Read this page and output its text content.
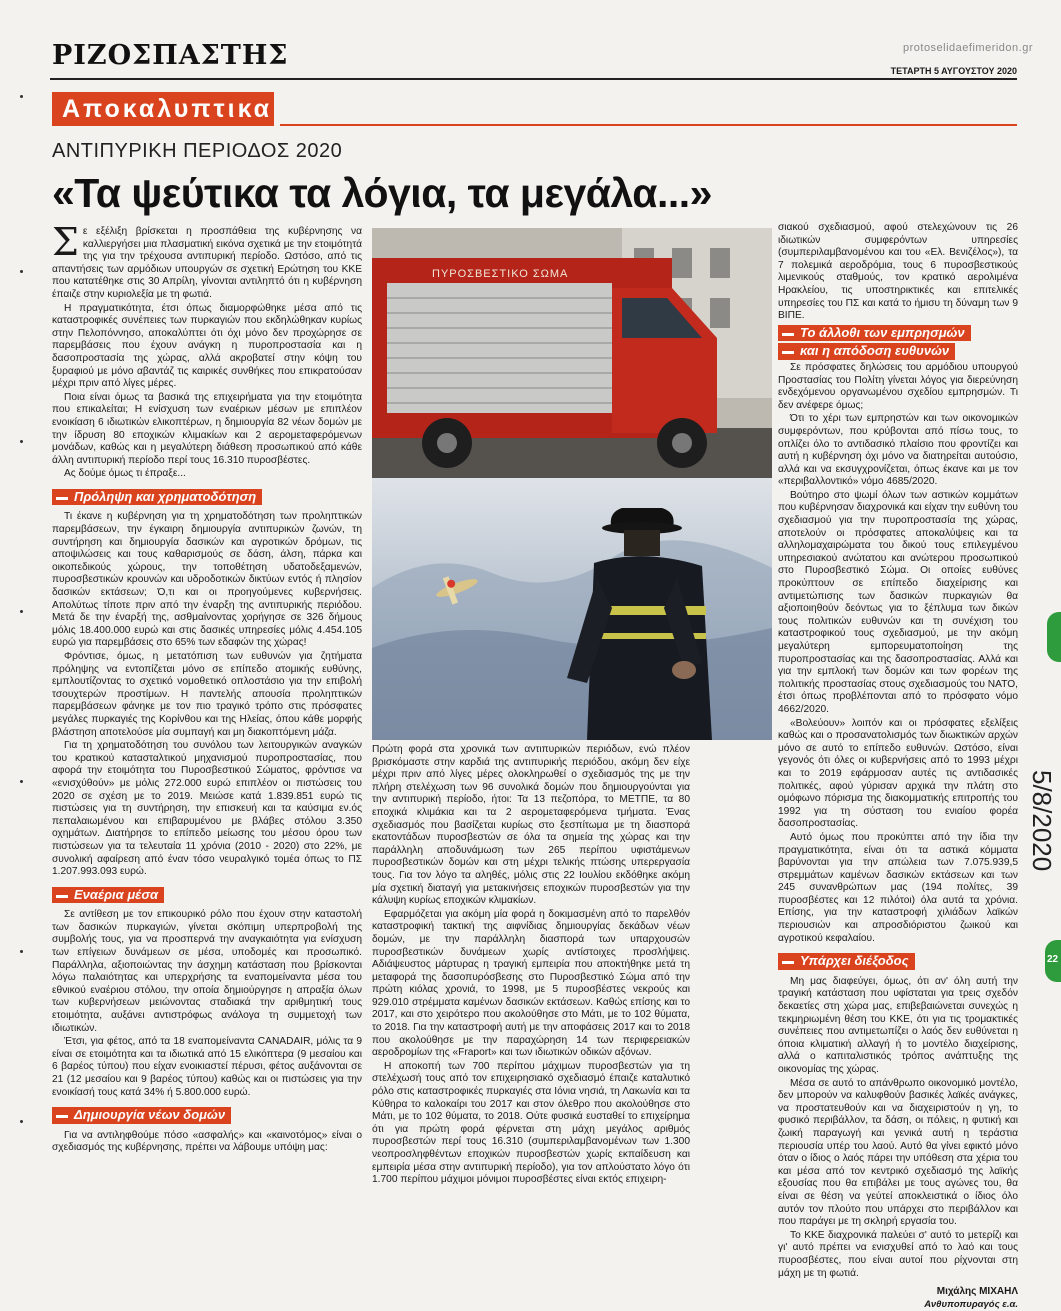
ΡΙΖΟΣΠΑΣΤΗΣ	protoselidaefimeridon.gr
ΤΕΤΑΡΤΗ 5 ΑΥΓΟΥΣΤΟΥ 2020
Αποκαλυπτικα
ΑΝΤΙΠΥΡΙΚΗ ΠΕΡΙΟΔΟΣ 2020
«Τα ψεύτικα τα λόγια, τα μεγάλα...»

Σε εξέλιξη βρίσκεται η προσπάθεια της κυβέρνησης να καλλιεργήσει μια πλασματική εικόνα σχετικά με την ετοιμότητά της για την τρέχουσα αντιπυρική περίοδο. Ωστόσο, από τις απαντήσεις των αρμόδιων υπουργών σε σχετική Ερώτηση του ΚΚΕ που κατατέθηκε στις 30 Απρίλη, γίνονται αντιληπτό ότι η κυβέρνηση έπαιζε στην κυριολεξία με τη φωτιά.

Η πραγματικότητα, έτσι όπως διαμορφώθηκε μέσα από τις καταστροφικές συνέπειες των πυρκαγιών που εκδηλώθηκαν κυρίως στην Πελοπόννησο, αποκαλύπτει ότι όχι μόνο δεν προχώρησε σε παρεμβάσεις που έχουν ανάγκη η πυροπροστασία και η δασοπροστασία της χώρας, αλλά ακροβατεί στην κόψη του ξυραφιού με μόνο αβαντάζ τις καιρικές συνθήκες που επικρατούσαν μέχρι πριν από λίγες μέρες.

Ποια είναι όμως τα βασικά της επιχειρήματα για την ετοιμότητα που επικαλείται; Η ενίσχυση των εναέριων μέσων με επιπλέον ενοικίαση 6 ιδιωτικών ελικοπτέρων, η δημιουργία 82 νέων δομών με την ίδρυση 80 εποχικών κλιμακίων και 2 αερομεταφερόμενων μονάδων, καθώς και η μεγαλύτερη διάθεση προσωπικού από κάθε άλλη αντιπυρική περίοδο περί τους 16.310 πυροσβέστες.

Ας δούμε όμως τι έπραξε...

Πρόληψη και χρηματοδότηση

Τι έκανε η κυβέρνηση για τη χρηματοδότηση των προληπτικών παρεμβάσεων, την έγκαιρη δημιουργία αντιπυρικών ζωνών, τη συντήρηση και δημιουργία δασικών και αγροτικών δρόμων, τις αποψιλώσεις και τους καθαρισμούς σε δάση, άλση, πάρκα και οικοπεδικούς χώρους, την τοποθέτηση υδατοδεξαμενών, πυροσβεστικών κρουνών και υδροδοτικών δικτύων εντός ή πλησίον δασικών εκτάσεων; Ό,τι και οι προηγούμενες κυβερνήσεις. Απολύτως τίποτε πριν από την έναρξη της αντιπυρικής περιόδου. Μετά δε την έναρξή της, ασθμαίνοντας χορήγησε σε 326 δήμους μόλις 18.400.000 ευρώ και στις δασικές υπηρεσίες μόλις 4.454.105 ευρώ για παρεμβάσεις στο 65% των εδαφών της χώρας!

Φρόντισε, όμως, η μετατόπιση των ευθυνών για ζητήματα πρόληψης να εντοπίζεται μόνο σε επίπεδο ατομικής ευθύνης, εμπλουτίζοντας το σχετικό νομοθετικό οπλοστάσιο για την επιβολή τσουχτερών προστίμων. Η παντελής απουσία προληπτικών παρεμβάσεων φάνηκε με τον πιο τραγικό τρόπο στις πρόσφατες μεγάλες πυρκαγιές της Κορίνθου και της Ηλείας, όπου κάθε μορφής βλάστηση αποτελούσε μία συμπαγή και μη διακοπτόμενη μάζα.

Για τη χρηματοδότηση του συνόλου των λειτουργικών αναγκών του κρατικού κατασταλτικού μηχανισμού πυροπροστασίας, που αφορά την ετοιμότητα του Πυροσβεστικού Σώματος, φρόντισε να «ενισχύθούν» με μόλις 272.000 ευρώ επιπλέον οι πιστώσεις του 2020 σε σχέση με το 2019. Μειώσε κατά 1.839.851 ευρώ τις πιστώσεις για τη συντήρηση, την επισκευή και τα καύσιμα εν.ός πεπαλαιωμένου και επιβαρυμένου με βλάβες στόλου 3.350 οχημάτων. Διατήρησε το επίπεδο μείωσης του μέσου όρου των πιστώσεων για τα τελευταία 11 χρόνια (2010 - 2020) στο 22%, με συνολική αφαίρεση από έναν τόσο νευραλγικό τομέα όπως το ΠΣ 1.207.993.093 ευρώ.

Εναέρια μέσα

Σε αντίθεση με τον επικουρικό ρόλο που έχουν στην καταστολή των δασικών πυρκαγιών, γίνεται σκόπιμη υπερπροβολή της συμβολής τους, για να προσπερνά την αναγκαιότητα για ενίσχυση των επίγειων δυνάμεων σε μέσα, υποδομές και προσωπικό. Παράλληλα, αξιοποιώντας την άσχημη κατάσταση που βρίσκονται λόγω παλαιότητας και υπερχρήσης τα εναπομείναντα μέσα του εθνικού εναέριου στόλου, την οποία δημιούργησε η απραξία όλων των κυβερνήσεων μειώνοντας σταδιακά την αριθμητική τους ετοιμότητα, αυξάνει αντιστρόφως ανάλογα τη συμμετοχή των ιδιωτικών.

Έτσι, για φέτος, από τα 18 εναπομείναντα CANADAIR, μόλις τα 9 είναι σε ετοιμότητα και τα ιδιωτικά από 15 ελικόπτερα (9 μεσαίου και 6 βαρέος τύπου) που είχαν ενοικιαστεί πέρυσι, φέτος αυξάνονται σε 21 (12 μεσαίου και 9 βαρέος τύπου) καθώς και οι πιστώσεις για την ενοικίασή τους κατά 34% ή 5.800.000 ευρώ.

Δημιουργία νέων δομών

Για να αντιληφθούμε πόσο «ασφαλής» και «καινοτόμος» είναι ο σχεδιασμός της κυβέρνησης, πρέπει να λάβουμε υπόψη μας:

ΠΥΡΟΣΒΕΣΤΙΚΟ ΣΩΜΑ

Πρώτη φορά στα χρονικά των αντιπυρικών περιόδων, ενώ πλέον βρισκόμαστε στην καρδιά της αντιπυρικής περιόδου, ακόμη δεν είχε μέχρι πριν από λίγες μέρες ολοκληρωθεί ο σχεδιασμός της με την πλήρη στελέχωση των 96 συνολικά δομών που δημιουργούνται για την αντιπυρική περίοδο, ήτοι: Τα 13 πεζοπόρα, το ΜΕΤΠΕ, τα 80 εποχικά κλιμάκια και τα 2 αερομεταφερόμενα τμήματα. Ένας σχεδιασμός που βασίζεται κυρίως στο ξεσπίτωμα με τη διασπορά εκατοντάδων πυροσβεστών σε όλα τα σημεία της χώρας και την παράλληλη αποδυνάμωση των 265 περίπου υφιστάμενων πυροσβεστικών δομών και στη μέχρι τελικής πτώσης υπερεργασία τους. Για τον λόγο τα αληθές, μόλις στις 22 Ιουλίου εκδόθηκε ακόμη μία σχετική διαταγή για μετακινήσεις εποχικών πυροσβεστών για την κάλυψη κυρίως εποχικών κλιμακίων.

Εφαρμόζεται για ακόμη μία φορά η δοκιμασμένη από το παρελθόν καταστροφική τακτική της αιφνίδιας δημιουργίας δεκάδων νέων δομών, με την παράλληλη διασπορά των υπαρχουσών πυροσβεστικών δυνάμεων χωρίς αντίστοιχες προσλήψεις. Αδιάψευστος μάρτυρας η τραγική εμπειρία που αποκτήθηκε μετά τη μεταφορά της δασοπυρόσβεσης στο Πυροσβεστικό Σώμα από την πρώτη κιόλας χρονιά, το 1998, με 5 πυροσβέστες νεκρούς και 929.010 στρέμματα καμένων δασικών εκτάσεων. Καθώς επίσης και το 2017, και στο χειρότερο που ακολούθησε στο Μάτι, με το 102 θύματα, το 2018. Για την καταστροφή αυτή με την αποφάσεις 2017 και το 2018 που ακολούθησε με την παραχώρηση 14 των περιφερειακών αεροδρομίων της «Fraport» και των ιδιωτικών οδικών αξόνων.

Η αποκοπή των 700 περίπου μάχιμων πυροσβεστών για τη στελέχωσή τους από τον επιχειρησιακό σχεδιασμό έπαιζε καταλυτικό ρόλο στις καταστροφικές πυρκαγιές στα Ιόνια νησιά, τη Λακωνία και τα Κύθηρα το καλοκαίρι του 2017 και στον όλεθρο που ακολούθησε στο Μάτι, με το 102 θύματα, το 2018. Ούτε φυσικά ευσταθεί το επιχείρημα ότι για πρώτη φορά φέρνεται στη μάχη μεγάλος αριθμός πυροσβεστών περί τους 16.310 (συμπεριλαμβανομένων των 1.300 νεοπροσληφθέντων εποχικών πυροσβεστών χωρίς εκπαίδευση και εμπειρία μέσα στην αντιπυρική περίοδο), για τον απλούστατο λόγο ότι 1.700 περίπου μάχιμοι μόνιμοι πυροσβέστες είναι εκτός επιχειρη-

σιακού σχεδιασμού, αφού στελεχώνουν τις 26 ιδιωτικών συμφερόντων υπηρεσίες (συμπεριλαμβανομένου και του «Ελ. Βενιζέλος»), τα 7 πολεμικά αεροδρόμια, τους 6 πυροσβεστικούς λιμενικούς σταθμούς, τον κρατικό αερολιμένα Ηρακλείου, τις υποστηρικτικές και επιτελικές υπηρεσίες του ΠΣ και κατά το ήμισυ τη δύναμη των 9 ΒΙΠΕ.

Το άλλοθι των εμπρησμών
και η απόδοση ευθυνών

Σε πρόσφατες δηλώσεις του αρμόδιου υπουργού Προστασίας του Πολίτη γίνεται λόγος για διερεύνηση ενδεχόμενου οργανωμένου σχεδίου εμπρησμών. Τι δεν ανέφερε όμως;

Ότι το χέρι των εμπρηστών και των οικονομικών συμφερόντων, που κρύβονται από πίσω τους, το οπλίζει όλο το αντιδασικό πλαίσιο που φροντίζει και αυτή η κυβέρνηση όχι μόνο να διατηρείται αυτούσιο, αλλά και να εκσυγχρονίζεται, όπως έκανε και με τον «περιβαλλοντικό» νόμο 4685/2020.

Βούτηρο στο ψωμί όλων των αστικών κομμάτων που κυβέρνησαν διαχρονικά και είχαν την ευθύνη του σχεδιασμού για την πυροπροστασία της χώρας, αποτελούν οι πρόσφατες αποκαλύψεις και τα αλληλομαχαιρώματα του δικού τους επιλεγμένου υπηρεσιακού ανώτατου και ανώτερου προσωπικού στο Πυροσβεστικό Σώμα. Οι οποίες ευθύνες προκύπτουν σε επίπεδο διαχείρισης και αντιμετώπισης των δασικών πυρκαγιών θα αξιοποιηθούν δεόντως για το ξέπλυμα των δικών τους πολιτικών ευθυνών και τη συνέχιση του καταστροφικού τους σχεδιασμού, με την ακόμη μεγαλύτερη εμπορευματοποίηση της πυροπροστασίας και της δασοπροστασίας. Αλλά και για την εμπλοκή των δομών και των φορέων της πολιτικής προστασίας στους σχεδιασμούς του ΝΑΤΟ, έτσι όπως προβλέπονται από το πρόσφατο νόμο 4662/2020.

«Βολεύουν» λοιπόν και οι πρόσφατες εξελίξεις καθώς και ο προσανατολισμός των διωκτικών αρχών μόνο σε αυτό το επίπεδο ευθυνών. Ωστόσο, είναι γεγονός ότι όλες οι κυβερνήσεις από το 1993 μέχρι και το 2019 εφάρμοσαν αυτές τις αντιδασικές πολιτικές, αφού γύρισαν αρχικά την πλάτη στο ομόφωνο πόρισμα της διακομματικής επιτροπής του 1992 για τη σύσταση του ενιαίου φορέα δασοπροστασίας.

Αυτό όμως που προκύπτει από την ίδια την πραγματικότητα, είναι ότι τα αστικά κόμματα βαρύνονται για την απώλεια των 7.075.939,5 στρεμμάτων καμένων δασικών εκτάσεων και των 245 συνανθρώπων μας (194 πολίτες, 39 πυροσβέστες και 12 πιλότοι) όλα αυτά τα χρόνια. Επίσης, για την καταστροφή χιλιάδων λαϊκών περιουσιών και απροσδιόριστου ζωικού και αγροτικού κεφαλαίου.

Υπάρχει διέξοδος

Μη μας διαφεύγει, όμως, ότι αν' όλη αυτή την τραγική κατάσταση που υφίσταται για τρεις σχεδόν δεκαετίες στη χώρα μας, επιβεβαιώνεται συνεχώς η τεκμηριωμένη θέση του ΚΚΕ, ότι για τις τρομακτικές συνέπειες που αντιμετωπίζει ο λαός δεν ευθύνεται η όποια κλιματική αλλαγή ή το μοντέλο διαχείρισης, αλλά ο καπιταλιστικός τρόπος ανάπτυξης της οικονομίας της χώρας.

Μέσα σε αυτό το απάνθρωπο οικονομικό μοντέλο, δεν μπορούν να καλυφθούν βασικές λαϊκές ανάγκες, να προστατευθούν και να διαχειριστούν η γη, το φυσικό περιβάλλον, τα δάση, οι πόλεις, η φυτική και ζωική παραγωγή και γενικά αυτή η τεράστια περιουσία υπέρ του λαού. Αυτό θα γίνει εφικτό μόνο όταν ο ίδιος ο λαός πάρει την υπόθεση στα χέρια του και μέσα από τον κεντρικό σχεδιασμό της λαϊκής εξουσίας που θα επιβάλει με τους αγώνες του, θα είναι σε θέση να γεύτεί αποκλειστικά ο ίδιος όλο αυτόν τον πλούτο που υπάρχει στο περιβάλλον και που παράγει με τη σκληρή εργασία του.

Το ΚΚΕ διαχρονικά παλεύει σ' αυτό το μετερίζι και γι' αυτό πρέπει να ενισχυθεί από το λαό και τους πυροσβέστες, που είναι αυτοί που ρίχνονται στη μάχη με τη φωτιά.

Μιχάλης ΜΙΧΑΗΛ
Ανθυποπυραγός ε.α.
5/8/2020
22
